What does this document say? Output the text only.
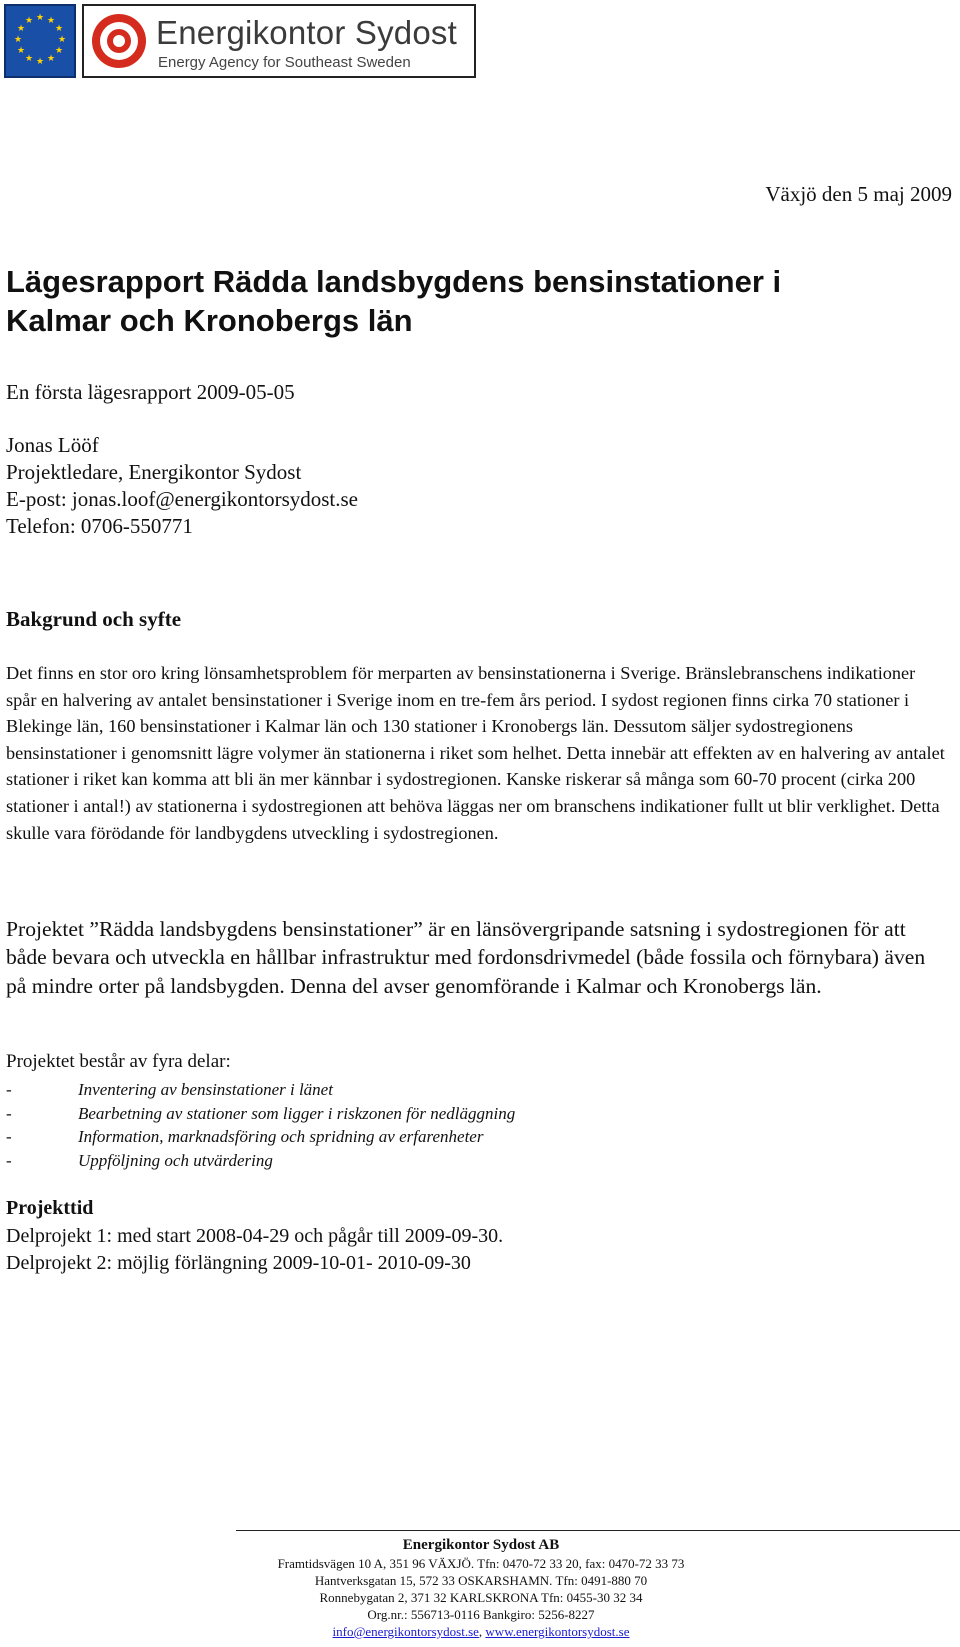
★ ★
★
★
★
★
★
★
★
★
★
★	Energikontor Sydost
Energy Agency for Southeast Sweden
Växjö den 5 maj 2009
Lägesrapport Rädda landsbygdens bensinstationer i Kalmar och Kronobergs län
En första lägesrapport 2009-05-05
Jonas Lööf
Projektledare, Energikontor Sydost
E-post: jonas.loof@energikontorsydost.se
Telefon: 0706-550771
Bakgrund och syfte

Det finns en stor oro kring lönsamhetsproblem för merparten av bensinstationerna i Sverige. Bränslebranschens indikationer spår en halvering av antalet bensinstationer i Sverige inom en tre-fem års period. I sydost regionen finns cirka 70 stationer i Blekinge län, 160 bensinstationer i Kalmar län och 130 stationer i Kronobergs län. Dessutom säljer sydostregionens bensinstationer i genomsnitt lägre volymer än stationerna i riket som helhet. Detta innebär att effekten av en halvering av antalet stationer i riket kan komma att bli än mer kännbar i sydostregionen. Kanske riskerar så många som 60-70 procent (cirka 200 stationer i antal!) av stationerna i sydostregionen att behöva läggas ner om branschens indikationer fullt ut blir verklighet. Detta skulle vara förödande för landbygdens utveckling i sydostregionen.

Projektet ”Rädda landsbygdens bensinstationer” är en länsövergripande satsning i sydostregionen för att både bevara och utveckla en hållbar infrastruktur med fordonsdrivmedel (både fossila och förnybara) även på mindre orter på landsbygden. Denna del avser genomförande i Kalmar och Kronobergs län.

Projektet består av fyra delar:
-	Inventering av bensinstationer i länet
-	Bearbetning av stationer som ligger i riskzonen för nedläggning
-	Information, marknadsföring och spridning av erfarenheter
-	Uppföljning och utvärdering
Projekttid
Delprojekt 1: med start 2008-04-29 och pågår till 2009-09-30.
Delprojekt 2: möjlig förlängning 2009-10-01- 2010-09-30
Energikontor Sydost AB
Framtidsvägen 10 A, 351 96 VÄXJÖ. Tfn: 0470-72 33 20, fax: 0470-72 33 73
Hantverksgatan 15, 572 33 OSKARSHAMN. Tfn: 0491-880 70
Ronnebygatan 2, 371 32 KARLSKRONA Tfn: 0455-30 32 34
Org.nr.: 556713-0116 Bankgiro: 5256-8227
info@energikontorsydost.se, www.energikontorsydost.se
